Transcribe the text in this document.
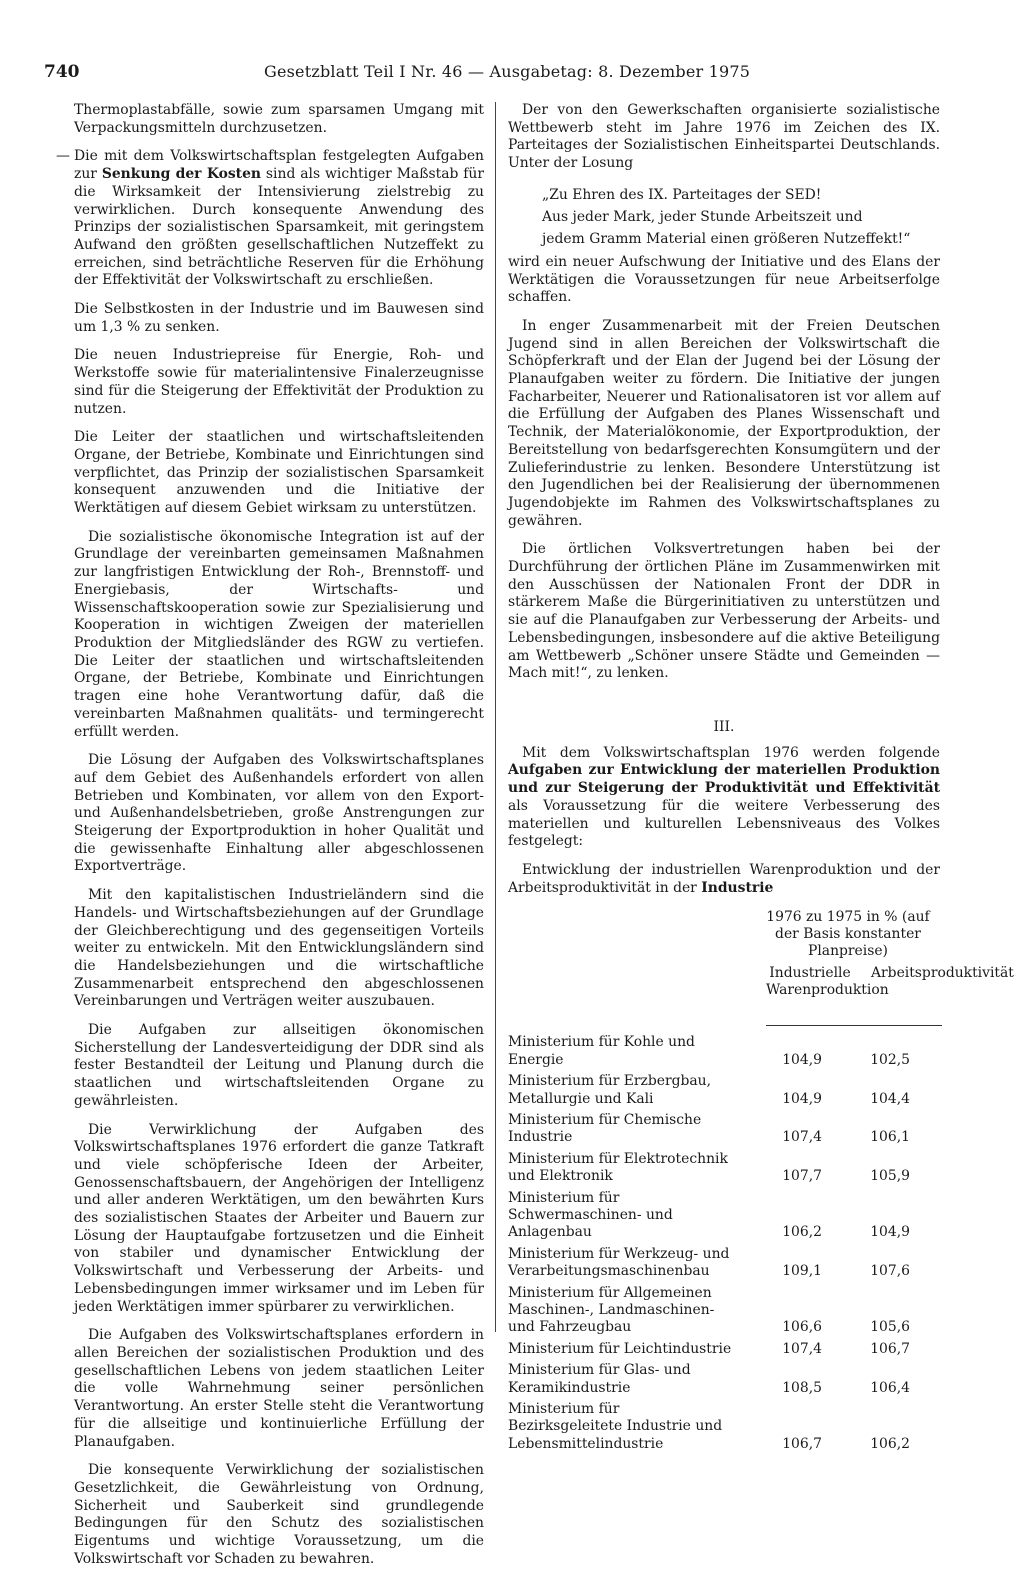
740	Gesetzblatt Teil I Nr. 46 — Ausgabetag: 8. Dezember 1975

Thermoplastabfälle, sowie zum sparsamen Umgang mit Verpackungsmitteln durchzusetzen.

— Die mit dem Volkswirtschaftsplan festgelegten Aufgaben zur Senkung der Kosten sind als wichtiger Maßstab für die Wirksamkeit der Intensivierung zielstrebig zu verwirklichen. Durch konsequente Anwendung des Prinzips der sozialistischen Sparsamkeit, mit geringstem Aufwand den größten gesellschaftlichen Nutzeffekt zu erreichen, sind beträchtliche Reserven für die Erhöhung der Effektivität der Volkswirtschaft zu erschließen.

Die Selbstkosten in der Industrie und im Bauwesen sind um 1,3 % zu senken.

Die neuen Industriepreise für Energie, Roh- und Werkstoffe sowie für materialintensive Finalerzeugnisse sind für die Steigerung der Effektivität der Produktion zu nutzen.

Die Leiter der staatlichen und wirtschaftsleitenden Organe, der Betriebe, Kombinate und Einrichtungen sind verpflichtet, das Prinzip der sozialistischen Sparsamkeit konsequent anzuwenden und die Initiative der Werktätigen auf diesem Gebiet wirksam zu unterstützen.

Die sozialistische ökonomische Integration ist auf der Grundlage der vereinbarten gemeinsamen Maßnahmen zur langfristigen Entwicklung der Roh-, Brennstoff- und Energiebasis, der Wirtschafts- und Wissenschaftskooperation sowie zur Spezialisierung und Kooperation in wichtigen Zweigen der materiellen Produktion der Mitgliedsländer des RGW zu vertiefen. Die Leiter der staatlichen und wirtschaftsleitenden Organe, der Betriebe, Kombinate und Einrichtungen tragen eine hohe Verantwortung dafür, daß die vereinbarten Maßnahmen qualitäts- und termingerecht erfüllt werden.

Die Lösung der Aufgaben des Volkswirtschaftsplanes auf dem Gebiet des Außenhandels erfordert von allen Betrieben und Kombinaten, vor allem von den Export- und Außenhandelsbetrieben, große Anstrengungen zur Steigerung der Exportproduktion in hoher Qualität und die gewissenhafte Einhaltung aller abgeschlossenen Exportverträge.

Mit den kapitalistischen Industrieländern sind die Handels- und Wirtschaftsbeziehungen auf der Grundlage der Gleichberechtigung und des gegenseitigen Vorteils weiter zu entwickeln. Mit den Entwicklungsländern sind die Handelsbeziehungen und die wirtschaftliche Zusammenarbeit entsprechend den abgeschlossenen Vereinbarungen und Verträgen weiter auszubauen.

Die Aufgaben zur allseitigen ökonomischen Sicherstellung der Landesverteidigung der DDR sind als fester Bestandteil der Leitung und Planung durch die staatlichen und wirtschaftsleitenden Organe zu gewährleisten.

Die Verwirklichung der Aufgaben des Volkswirtschaftsplanes 1976 erfordert die ganze Tatkraft und viele schöpferische Ideen der Arbeiter, Genossenschaftsbauern, der Angehörigen der Intelligenz und aller anderen Werktätigen, um den bewährten Kurs des sozialistischen Staates der Arbeiter und Bauern zur Lösung der Hauptaufgabe fortzusetzen und die Einheit von stabiler und dynamischer Entwicklung der Volkswirtschaft und Verbesserung der Arbeits- und Lebensbedingungen immer wirksamer und im Leben für jeden Werktätigen immer spürbarer zu verwirklichen.

Die Aufgaben des Volkswirtschaftsplanes erfordern in allen Bereichen der sozialistischen Produktion und des gesellschaftlichen Lebens von jedem staatlichen Leiter die volle Wahrnehmung seiner persönlichen Verantwortung. An erster Stelle steht die Verantwortung für die allseitige und kontinuierliche Erfüllung der Planaufgaben.

Die konsequente Verwirklichung der sozialistischen Gesetzlichkeit, die Gewährleistung von Ordnung, Sicherheit und Sauberkeit sind grundlegende Bedingungen für den Schutz des sozialistischen Eigentums und wichtige Voraussetzung, um die Volkswirtschaft vor Schaden zu bewahren.

Der von den Gewerkschaften organisierte sozialistische Wettbewerb steht im Jahre 1976 im Zeichen des IX. Parteitages der Sozialistischen Einheitspartei Deutschlands. Unter der Losung

„Zu Ehren des IX. Parteitages der SED!
Aus jeder Mark, jeder Stunde Arbeitszeit und
jedem Gramm Material einen größeren Nutzeffekt!“

wird ein neuer Aufschwung der Initiative und des Elans der Werktätigen die Voraussetzungen für neue Arbeitserfolge schaffen.

In enger Zusammenarbeit mit der Freien Deutschen Jugend sind in allen Bereichen der Volkswirtschaft die Schöpferkraft und der Elan der Jugend bei der Lösung der Planaufgaben weiter zu fördern. Die Initiative der jungen Facharbeiter, Neuerer und Rationalisatoren ist vor allem auf die Erfüllung der Aufgaben des Planes Wissenschaft und Technik, der Materialökonomie, der Exportproduktion, der Bereitstellung von bedarfsgerechten Konsumgütern und der Zulieferindustrie zu lenken. Besondere Unterstützung ist den Jugendlichen bei der Realisierung der übernommenen Jugendobjekte im Rahmen des Volkswirtschaftsplanes zu gewähren.

Die örtlichen Volksvertretungen haben bei der Durchführung der örtlichen Pläne im Zusammenwirken mit den Ausschüssen der Nationalen Front der DDR in stärkerem Maße die Bürgerinitiativen zu unterstützen und sie auf die Planaufgaben zur Verbesserung der Arbeits- und Lebensbedingungen, insbesondere auf die aktive Beteiligung am Wettbewerb „Schöner unsere Städte und Gemeinden — Mach mit!“, zu lenken.

III.

Mit dem Volkswirtschaftsplan 1976 werden folgende Aufgaben zur Entwicklung der materiellen Produktion und zur Steigerung der Produktivität und Effektivität als Voraussetzung für die weitere Verbesserung des materiellen und kulturellen Lebensniveaus des Volkes festgelegt:

Entwicklung der industriellen Warenproduktion und der Arbeitsproduktivität in der Industrie

1976 zu 1975 in % (auf der Basis konstanter Planpreise)
Industrielle Warenproduktion
Arbeitsproduktivität
Ministerium für Kohle und Energie	104,9	102,5
Ministerium für Erzbergbau, Metallurgie und Kali	104,9	104,4
Ministerium für Chemische Industrie	107,4	106,1
Ministerium für Elektrotechnik und Elektronik	107,7	105,9
Ministerium für Schwermaschinen- und Anlagenbau	106,2	104,9
Ministerium für Werkzeug- und Verarbeitungsmaschinenbau	109,1	107,6
Ministerium für Allgemeinen Maschinen-, Landmaschinen- und Fahrzeugbau	106,6	105,6
Ministerium für Leichtindustrie	107,4	106,7
Ministerium für Glas- und Keramikindustrie	108,5	106,4
Ministerium für Bezirksgeleitete Industrie und Lebensmittelindustrie	106,7	106,2
